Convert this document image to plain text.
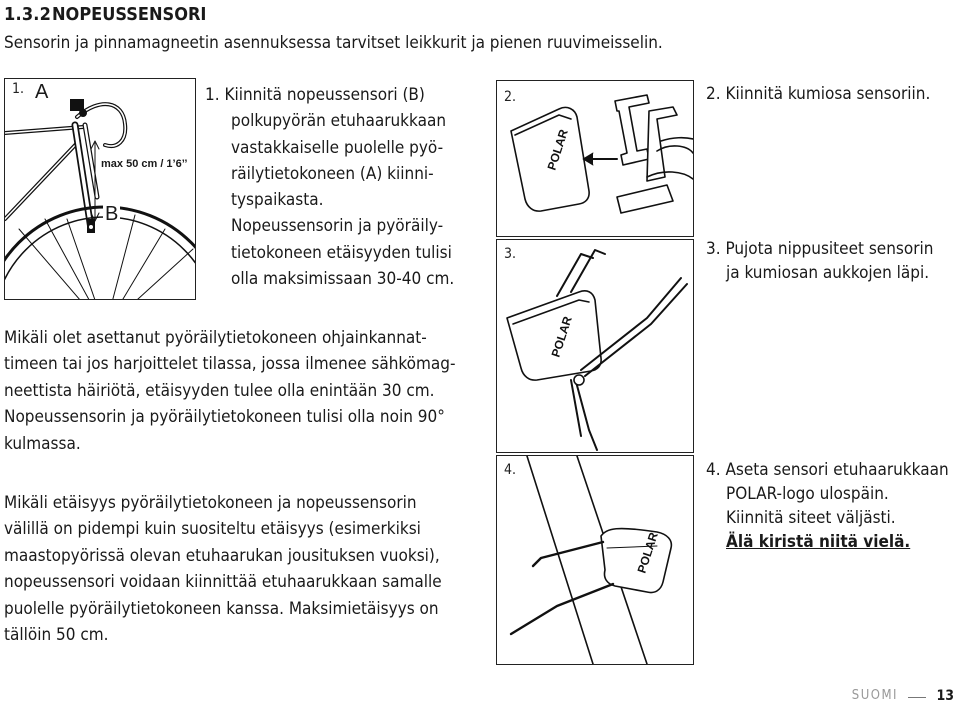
1.3.2 NOPEUSSENSORI
Sensorin ja pinnamagneetin asennuksessa tarvitset leikkurit ja pienen ruuvimeisselin.
1. A
B
max 50 cm / 1’6’’
1. Kiinnitä nopeussensori (B)
polkupyörän etuhaarukkaan
vastakkaiselle puolelle pyö-
räilytietokoneen (A) kiinni-
tyspaikasta.
Nopeussensorin ja pyöräily-
tietokoneen etäisyyden tulisi
olla maksimissaan 30-40 cm.
Mikäli olet asettanut pyöräilytietokoneen ohjainkannat-
timeen tai jos harjoittelet tilassa, jossa ilmenee sähkömag-
neettista häiriötä, etäisyyden tulee olla enintään 30 cm.
Nopeussensorin ja pyöräilytietokoneen tulisi olla noin 90°
kulmassa.
Mikäli etäisyys pyöräilytietokoneen ja nopeussensorin
välillä on pidempi kuin suositeltu etäisyys (esimerkiksi
maastopyörissä olevan etuhaarukan jousituksen vuoksi),
nopeussensori voidaan kiinnittää etuhaarukkaan samalle
puolelle pyöräilytietokoneen kanssa. Maksimietäisyys on
tällöin 50 cm.
POLAR
2.
POLAR
3.
POLAR
4.
2. Kiinnitä kumiosa sensoriin.
3. Pujota nippusiteet sensorin
ja kumiosan aukkojen läpi.
4. Aseta sensori etuhaarukkaan
POLAR-logo ulospäin.
Kiinnitä siteet väljästi.
Älä kiristä niitä vielä.
SUOMI	13
